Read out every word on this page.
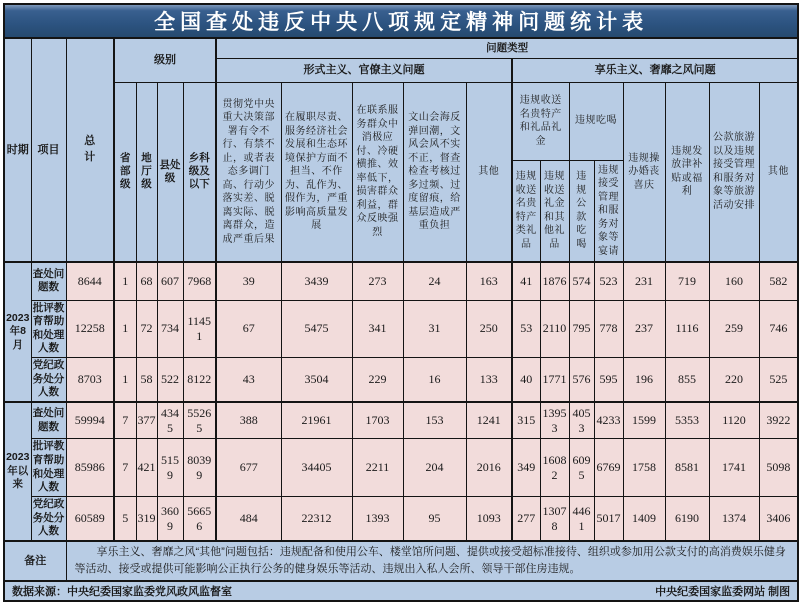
全国查处违反中央八项规定精神问题统计表																			
时期	项目	总计	级别				问题类型												
							形式主义、官僚主义问题					享乐主义、奢靡之风问题							
			省部级	地厅级	县处级	乡科级及以下	贯彻党中央重大决策部署有令不行、有禁不止，或者表态多调门高、行动少落实差、脱离实际、脱离群众，造成严重后果	在履职尽责、服务经济社会发展和生态环境保护方面不担当、不作为、乱作为、假作为，严重影响高质量发展	在联系服务群众中消极应付、冷硬横推、效率低下，损害群众利益，群众反映强烈	文山会海反弹回潮，文风会风不实不正，督查检查考核过多过频、过度留痕，给基层造成严重负担	其他	违规收送名贵特产和礼品礼金		违规吃喝		违规操办婚丧喜庆	违规发放津补贴或福利	公款旅游以及违规接受管理和服务对象等旅游活动安排	其他
												违规收送名贵特产类礼品	违规收送礼金和其他礼品	违规公款吃喝	违规接受管理和服务对象等宴请				
2023年8月	查处问题数	8644	1	68	607	7968	39	3439	273	24	163	41	1876	574	523	231	719	160	582
	批评教育帮助和处理人数	12258	1	72	734	11451	67	5475	341	31	250	53	2110	795	778	237	1116	259	746
	党纪政务处分人数	8703	1	58	522	8122	43	3504	229	16	133	40	1771	576	595	196	855	220	525
2023年以来	查处问题数	59994	7	377	4345	55265	388	21961	1703	153	1241	315	13953	4053	4233	1599	5353	1120	3922
	批评教育帮助和处理人数	85986	7	421	5159	80399	677	34405	2211	204	2016	349	16082	6095	6769	1758	8581	1741	5098
	党纪政务处分人数	60589	5	319	3609	56656	484	22312	1393	95	1093	277	13078	4461	5017	1409	6190	1374	3406
备注		享乐主义、奢靡之风“其他”问题包括：违规配备和使用公车、楼堂馆所问题、提供或接受超标准接待、组织或参加用公款支付的高消费娱乐健身等活动、接受或提供可能影响公正执行公务的健身娱乐等活动、违规出入私人会所、领导干部住房违规。																	

数据来源：中央纪委国家监委党风政风监督室 中央纪委国家监委网站 制图																			
